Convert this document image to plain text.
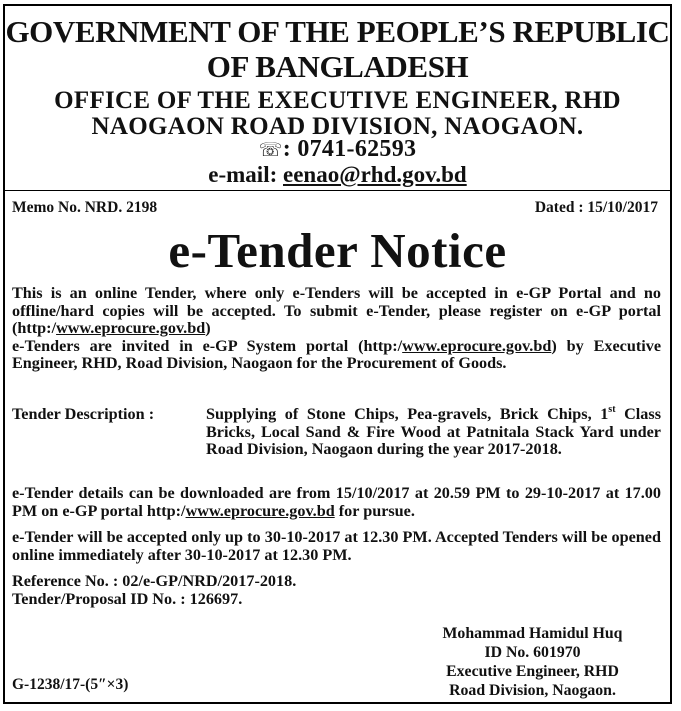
GOVERNMENT OF THE PEOPLE’S REPUBLIC
OF BANGLADESH
OFFICE OF THE EXECUTIVE ENGINEER, RHD
NAOGAON ROAD DIVISION, NAOGAON.
☏: 0741-62593
e-mail: eenao@rhd.gov.bd
Memo No. NRD. 2198	Dated : 15/10/2017
e-Tender Notice

This is an online Tender, where only e-Tenders will be accepted in e-GP Portal and no offline/hard copies will be accepted. To submit e-Tender, please register on e-GP portal (http:/www.eprocure.gov.bd)

e-Tenders are invited in e-GP System portal (http:/www.eprocure.gov.bd) by Executive Engineer, RHD, Road Division, Naogaon for the Procurement of Goods.

Tender Description :	Supplying of Stone Chips, Pea-gravels, Brick Chips, 1st Class Bricks, Local Sand & Fire Wood at Patnitala Stack Yard under Road Division, Naogaon during the year 2017-2018.
e-Tender details can be downloaded are from 15/10/2017 at 20.59 PM to 29-10-2017 at 17.00 PM on e-GP portal http:/www.eprocure.gov.bd for pursue.
e-Tender will be accepted only up to 30-10-2017 at 12.30 PM. Accepted Tenders will be opened online immediately after 30-10-2017 at 12.30 PM.
Reference No. : 02/e-GP/NRD/2017-2018.
Tender/Proposal ID No. : 126697.
Mohammad Hamidul Huq
ID No. 601970
Executive Engineer, RHD
Road Division, Naogaon.
G-1238/17-(5″×3)
